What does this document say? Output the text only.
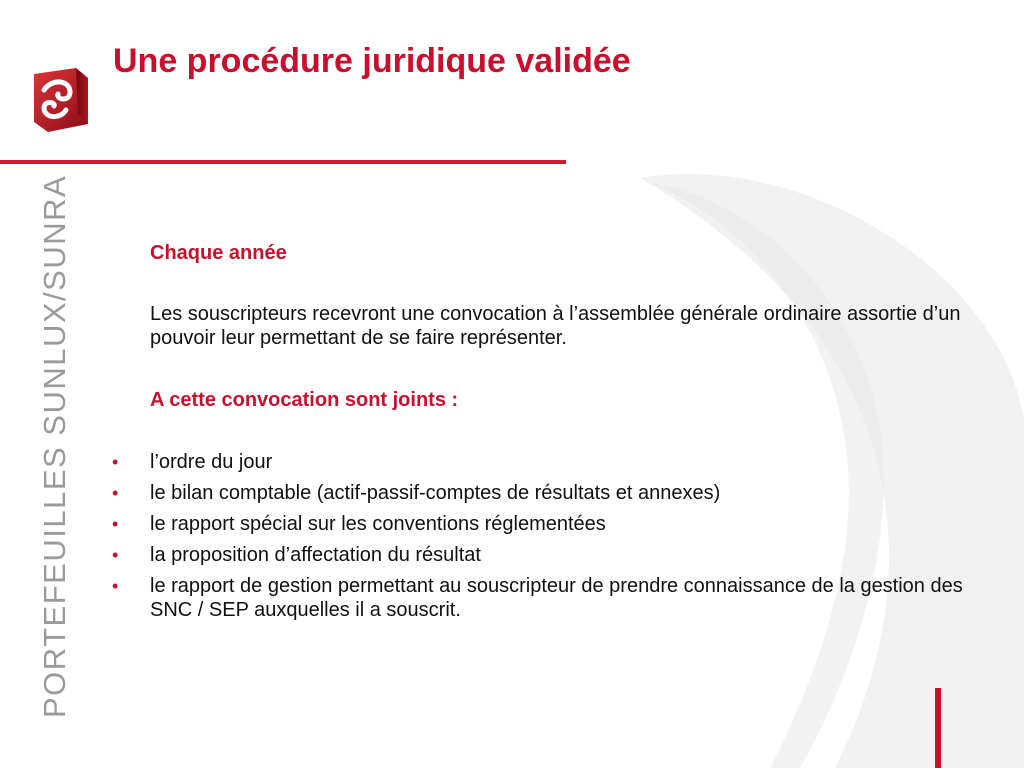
Une procédure juridique validée
PORTEFEUILLES SUNLUX/SUNRA	Chaque année
Les souscripteurs recevront une convocation à l’assemblée générale ordinaire assortie d’un pouvoir leur permettant de se faire représenter.
A cette convocation sont joints :
• l’ordre du jour
• le bilan comptable (actif-passif-comptes de résultats et annexes)
• le rapport spécial sur les conventions réglementées
• la proposition d’affectation du résultat
• le rapport de gestion permettant au souscripteur de prendre connaissance de la gestion des SNC / SEP auxquelles il a souscrit.
